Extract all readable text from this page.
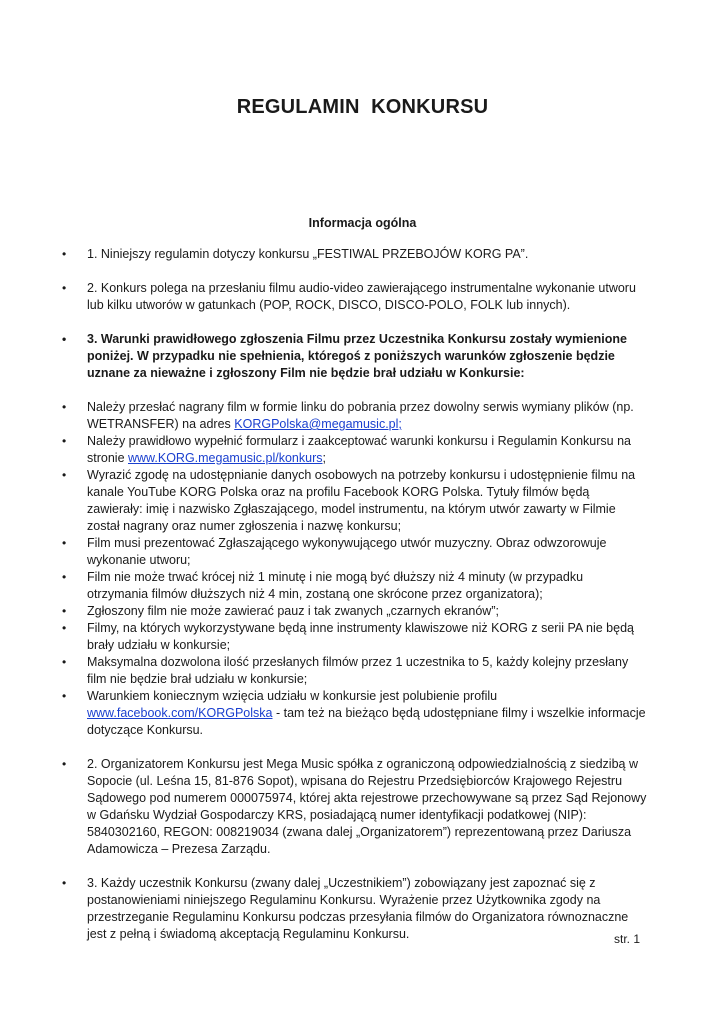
REGULAMIN  KONKURSU
Informacja ogólna
• 1. Niniejszy regulamin dotyczy konkursu „FESTIWAL PRZEBOJÓW KORG PA”.
• 2. Konkurs polega na przesłaniu filmu audio-video zawierającego instrumentalne wykonanie utworu lub kilku utworów w gatunkach (POP, ROCK, DISCO, DISCO-POLO, FOLK lub innych).
• 3. Warunki prawidłowego zgłoszenia Filmu przez Uczestnika Konkursu zostały wymienione poniżej. W przypadku nie spełnienia, któregoś z poniższych warunków zgłoszenie będzie uznane za nieważne i zgłoszony Film nie będzie brał udziału w Konkursie:
• Należy przesłać nagrany film w formie linku do pobrania przez dowolny serwis wymiany plików (np. WETRANSFER) na adres KORGPolska@megamusic.pl;
• Należy prawidłowo wypełnić formularz i zaakceptować warunki konkursu i Regulamin Konkursu na stronie www.KORG.megamusic.pl/konkurs;
• Wyrazić zgodę na udostępnianie danych osobowych na potrzeby konkursu i udostępnienie filmu na kanale YouTube KORG Polska oraz na profilu Facebook KORG Polska. Tytuły filmów będą zawierały: imię i nazwisko Zgłaszającego, model instrumentu, na którym utwór zawarty w Filmie został nagrany oraz numer zgłoszenia i nazwę konkursu;
• Film musi prezentować Zgłaszającego wykonywującego utwór muzyczny. Obraz odwzorowuje wykonanie utworu;
• Film nie może trwać krócej niż 1 minutę i nie mogą być dłuższy niż 4 minuty (w przypadku otrzymania filmów dłuższych niż 4 min, zostaną one skrócone przez organizatora);
• Zgłoszony film nie może zawierać pauz i tak zwanych „czarnych ekranów”;
• Filmy, na których wykorzystywane będą inne instrumenty klawiszowe niż KORG z serii PA nie będą brały udziału w konkursie;
• Maksymalna dozwolona ilość przesłanych filmów przez 1 uczestnika to 5, każdy kolejny przesłany film nie będzie brał udziału w konkursie;
• Warunkiem koniecznym wzięcia udziału w konkursie jest polubienie profilu www.facebook.com/KORGPolska - tam też na bieżąco będą udostępniane filmy i wszelkie informacje dotyczące Konkursu.
• 2. Organizatorem Konkursu jest Mega Music spółka z ograniczoną odpowiedzialnością z siedzibą w Sopocie (ul. Leśna 15, 81-876 Sopot), wpisana do Rejestru Przedsiębiorców Krajowego Rejestru Sądowego pod numerem 000075974, której akta rejestrowe przechowywane są przez Sąd Rejonowy w Gdańsku Wydział Gospodarczy KRS, posiadającą numer identyfikacji podatkowej (NIP): 5840302160, REGON: 008219034 (zwana dalej „Organizatorem”) reprezentowaną przez Dariusza Adamowicza – Prezesa Zarządu.
• 3. Każdy uczestnik Konkursu (zwany dalej „Uczestnikiem”) zobowiązany jest zapoznać się z postanowieniami niniejszego Regulaminu Konkursu. Wyrażenie przez Użytkownika zgody na przestrzeganie Regulaminu Konkursu podczas przesyłania filmów do Organizatora równoznaczne jest z pełną i świadomą akceptacją Regulaminu Konkursu.	str. 1
